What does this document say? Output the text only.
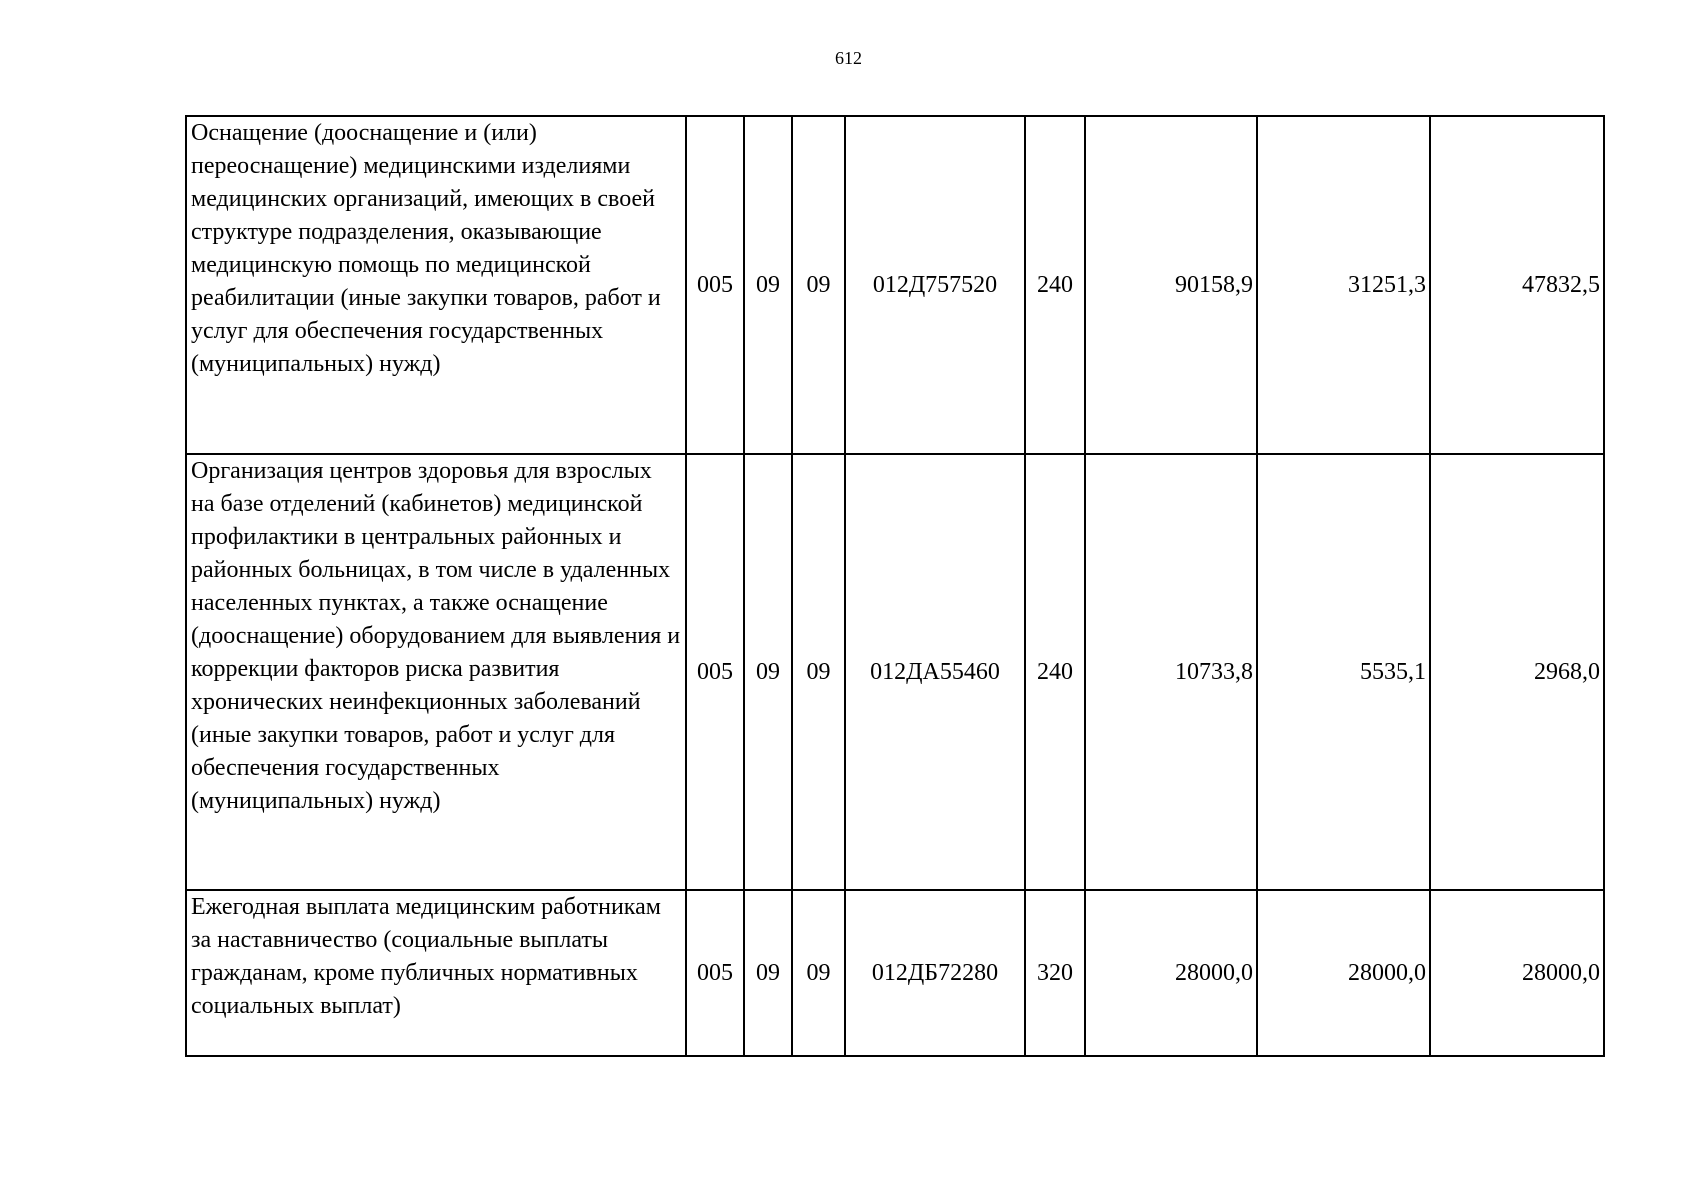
612
Оснащение (дооснащение и (или) переоснащение) медицинскими изделиями медицинских организаций, имеющих в своей структуре подразделения, оказывающие медицинскую помощь по медицинской реабилитации (иные закупки товаров, работ и услуг для обеспечения государственных (муниципальных) нужд)	005	09	09	012Д757520	240	90158,9	31251,3	47832,5
Организация центров здоровья для взрослых на базе отделений (кабинетов) медицинской профилактики в центральных районных и районных больницах, в том числе в удаленных населенных пунктах, а также оснащение (дооснащение) оборудованием для выявления и коррекции факторов риска развития хронических неинфекционных заболеваний (иные закупки товаров, работ и услуг для обеспечения государственных (муниципальных) нужд)	005	09	09	012ДА55460	240	10733,8	5535,1	2968,0
Ежегодная выплата медицинским работникам за наставничество (социальные выплаты гражданам, кроме публичных нормативных социальных выплат)	005	09	09	012ДБ72280	320	28000,0	28000,0	28000,0
